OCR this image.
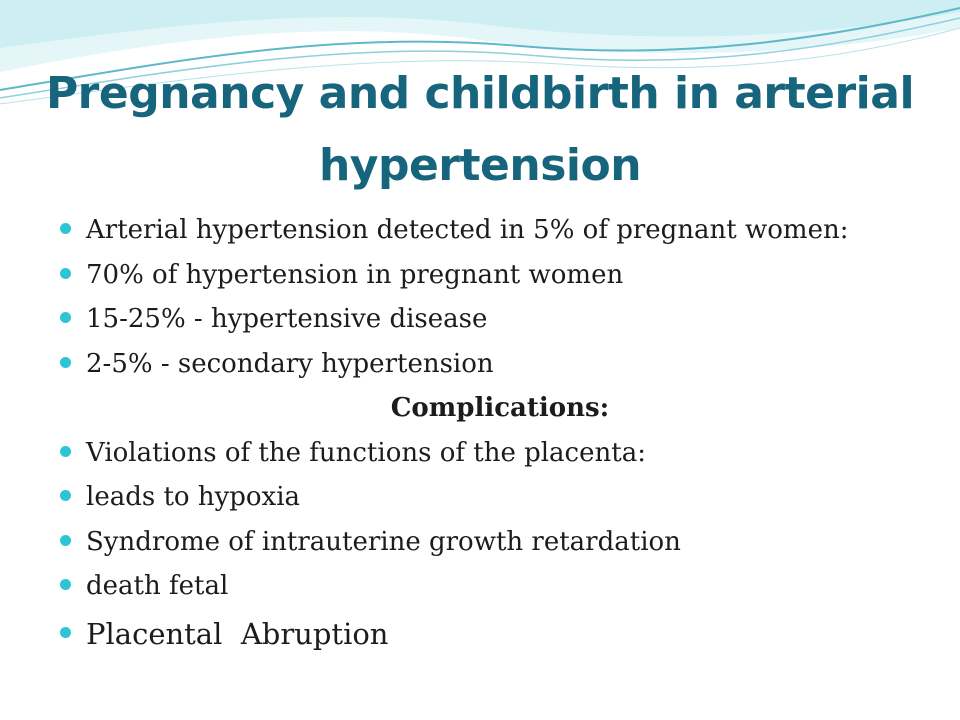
Pregnancy and childbirth in arterial hypertension
Arterial hypertension detected in 5% of pregnant women:
70% of hypertension in pregnant women
15-25% - hypertensive disease
2-5% - secondary hypertension
Complications:
Violations of the functions of the placenta:
leads to hypoxia
Syndrome of intrauterine growth retardation
death fetal
Placental  Abruption
